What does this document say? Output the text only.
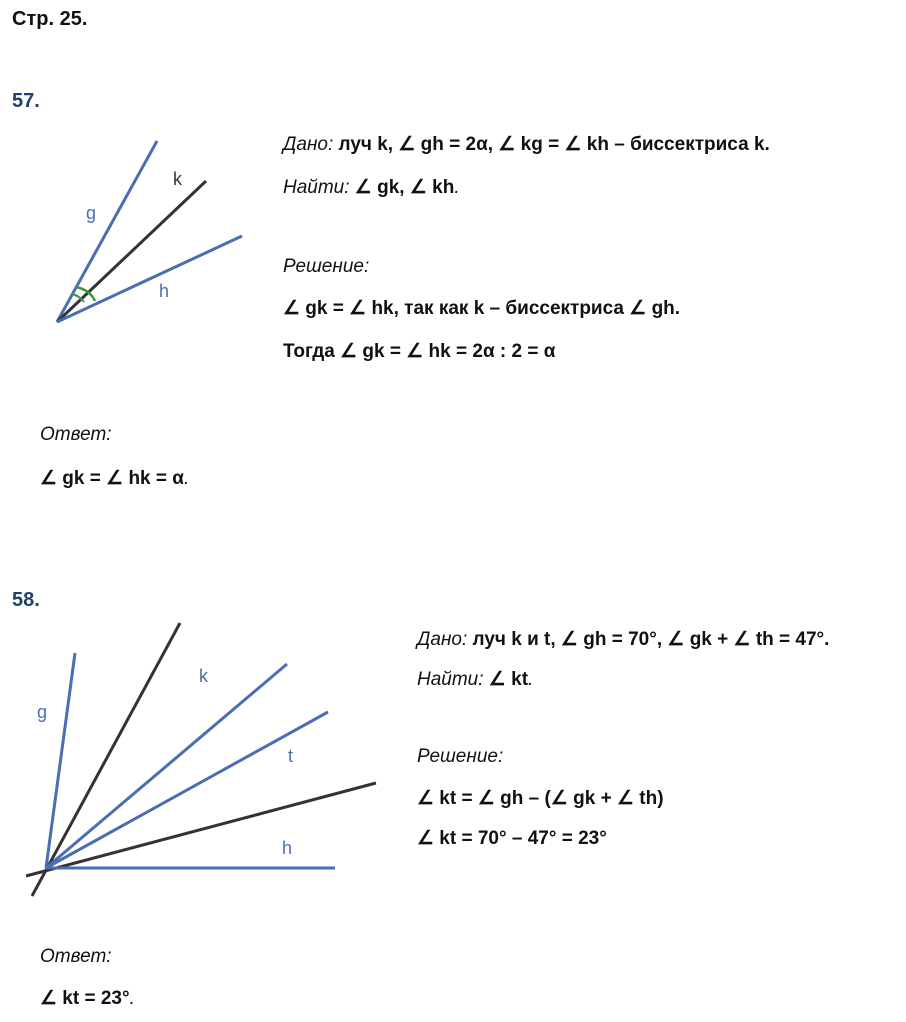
Стр. 25.
57.
g
k
h
g
k
t
h
Дано: луч k, ∠ gh = 2α, ∠ kg = ∠ kh – биссектриса k.
Найти: ∠ gk, ∠ kh.
Решение:
∠ gk = ∠ hk, так как k – биссектриса ∠ gh.
Тогда ∠ gk = ∠ hk = 2α : 2 = α
Ответ:
∠ gk = ∠ hk = α.
58.
Дано: луч k и t, ∠ gh = 70°, ∠ gk + ∠ th = 47°.
Найти: ∠ kt.
Решение:
∠ kt = ∠ gh – (∠ gk + ∠ th)
∠ kt = 70° – 47° = 23°
Ответ:
∠ kt = 23°.
